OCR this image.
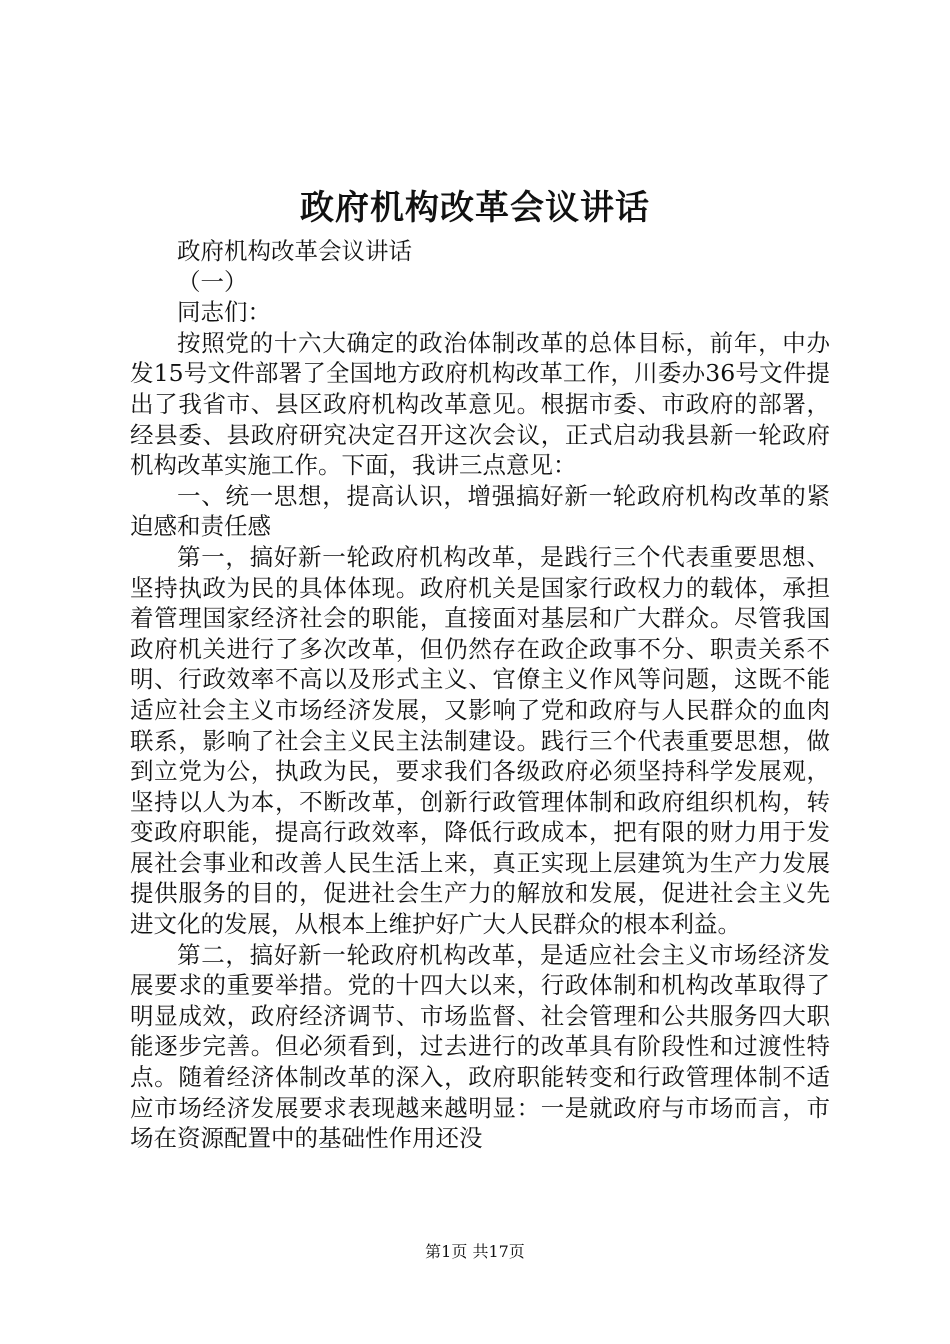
政府机构改革会议讲话

政府机构改革会议讲话

（一）

同志们：

按照党的十六大确定的政治体制改革的总体目标，前年，中办发15号文件部署了全国地方政府机构改革工作，川委办36号文件提出了我省市、县区政府机构改革意见。根据市委、市政府的部署，经县委、县政府研究决定召开这次会议，正式启动我县新一轮政府机构改革实施工作。下面，我讲三点意见：

一、统一思想，提高认识，增强搞好新一轮政府机构改革的紧迫感和责任感

第一，搞好新一轮政府机构改革，是践行三个代表重要思想、坚持执政为民的具体体现。政府机关是国家行政权力的载体，承担着管理国家经济社会的职能，直接面对基层和广大群众。尽管我国政府机关进行了多次改革，但仍然存在政企政事不分、职责关系不明、行政效率不高以及形式主义、官僚主义作风等问题，这既不能适应社会主义市场经济发展，又影响了党和政府与人民群众的血肉联系，影响了社会主义民主法制建设。践行三个代表重要思想，做到立党为公，执政为民，要求我们各级政府必须坚持科学发展观，坚持以人为本，不断改革，创新行政管理体制和政府组织机构，转变政府职能，提高行政效率，降低行政成本，把有限的财力用于发展社会事业和改善人民生活上来，真正实现上层建筑为生产力发展提供服务的目的，促进社会生产力的解放和发展，促进社会主义先进文化的发展，从根本上维护好广大人民群众的根本利益。

第二，搞好新一轮政府机构改革，是适应社会主义市场经济发展要求的重要举措。党的十四大以来，行政体制和机构改革取得了明显成效，政府经济调节、市场监督、社会管理和公共服务四大职能逐步完善。但必须看到，过去进行的改革具有阶段性和过渡性特点。随着经济体制改革的深入，政府职能转变和行政管理体制不适应市场经济发展要求表现越来越明显：一是就政府与市场而言，市场在资源配置中的基础性作用还没

第1页 共17页
